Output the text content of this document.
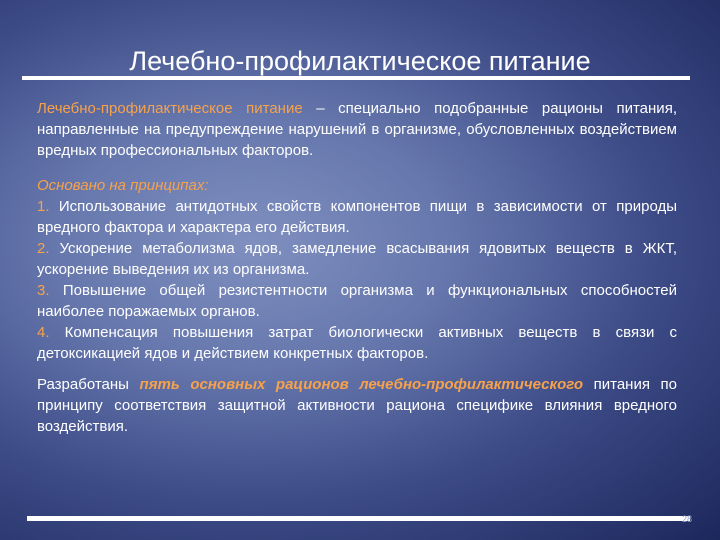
Лечебно-профилактическое питание

Лечебно-профилактическое питание – специально подобранные рационы питания, направленные на предупреждение нарушений в организме, обусловленных воздействием вредных профессиональных факторов.

Основано на принципах:

1. Использование антидотных свойств компонентов пищи в зависимости от природы вредного фактора и характера его действия.

2. Ускорение метаболизма ядов, замедление всасывания ядовитых веществ в ЖКТ, ускорение выведения их из организма.

3. Повышение общей резистентности организма и функциональных способностей наиболее поражаемых органов.

4. Компенсация повышения затрат биологически активных веществ в связи с детоксикацией ядов и действием конкретных факторов.

Разработаны пять основных рационов лечебно-профилактического питания по принципу соответствия защитной активности рациона специфике влияния вредного воздействия.

28
